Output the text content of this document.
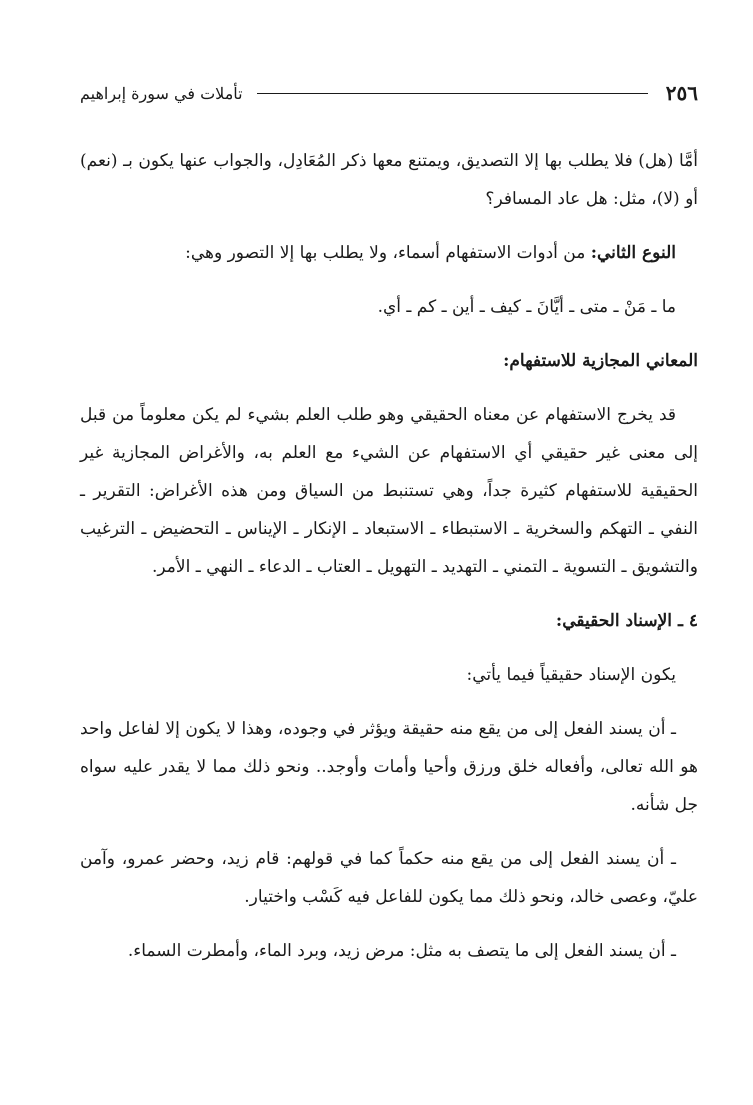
٢٥٦
تأملات في سورة إبراهيم

أمَّا (هل) فلا يطلب بها إلا التصديق، ويمتنع معها ذكر المُعَادِل، والجواب عنها يكون بـ (نعم) أو (لا)، مثل: هل عاد المسافر؟

النوع الثاني: من أدوات الاستفهام أسماء، ولا يطلب بها إلا التصور وهي:

ما ـ مَنْ ـ متى ـ أيَّانَ ـ كيف ـ أين ـ كم ـ أي.

المعاني المجازية للاستفهام:

قد يخرج الاستفهام عن معناه الحقيقي وهو طلب العلم بشيء لم يكن معلوماً من قبل إلى معنى غير حقيقي أي الاستفهام عن الشيء مع العلم به، والأغراض المجازية غير الحقيقية للاستفهام كثيرة جداً، وهي تستنبط من السياق ومن هذه الأغراض: التقرير ـ النفي ـ التهكم والسخرية ـ الاستبطاء ـ الاستبعاد ـ الإنكار ـ الإيناس ـ التحضيض ـ الترغيب والتشويق ـ التسوية ـ التمني ـ التهديد ـ التهويل ـ العتاب ـ الدعاء ـ النهي ـ الأمر.

٤ ـ الإسناد الحقيقي:

يكون الإسناد حقيقياً فيما يأتي:

ـ أن يسند الفعل إلى من يقع منه حقيقة ويؤثر في وجوده، وهذا لا يكون إلا لفاعل واحد هو الله تعالى، وأفعاله خلق ورزق وأحيا وأمات وأوجد.. ونحو ذلك مما لا يقدر عليه سواه جل شأنه.

ـ أن يسند الفعل إلى من يقع منه حكماً كما في قولهم: قام زيد، وحضر عمرو، وآمن عليّ، وعصى خالد، ونحو ذلك مما يكون للفاعل فيه كَسْب واختيار.

ـ أن يسند الفعل إلى ما يتصف به مثل: مرض زيد، وبرد الماء، وأمطرت السماء.
